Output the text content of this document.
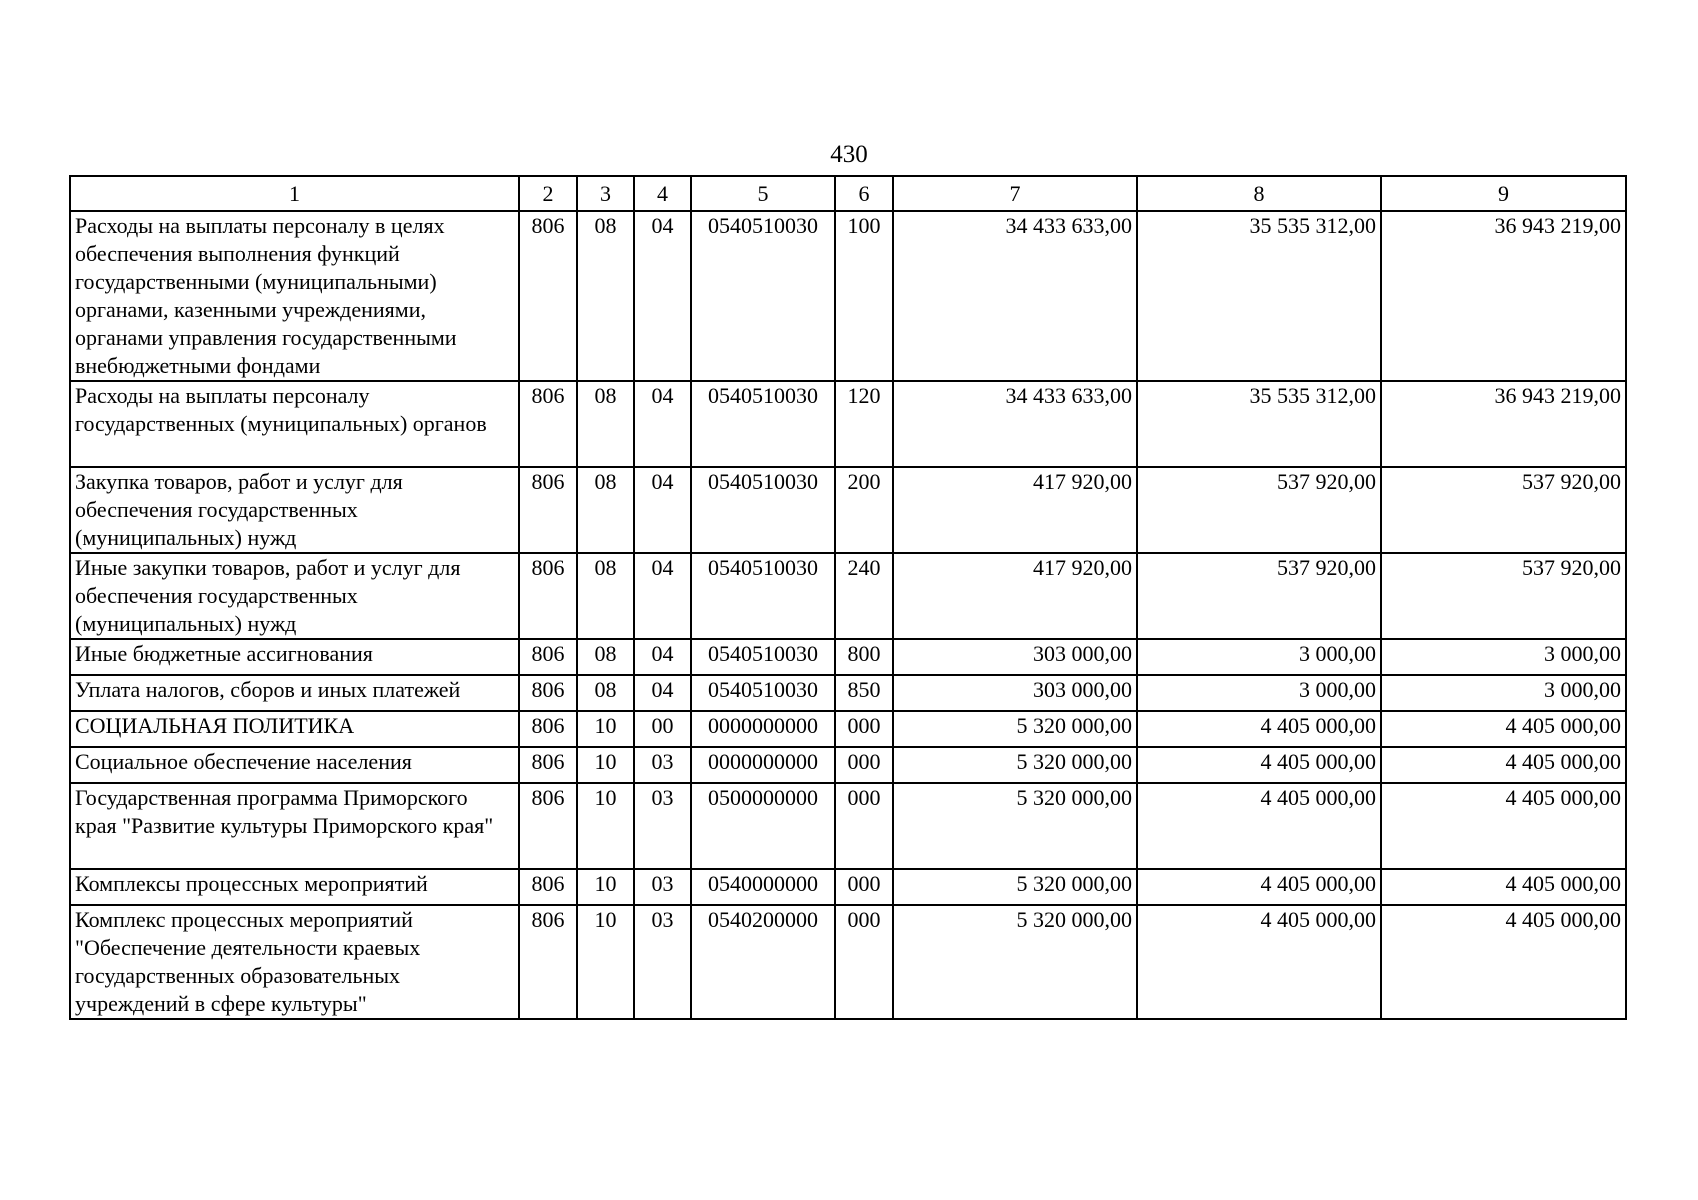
430
1	2	3	4	5	6	7	8	9
Расходы на выплаты персоналу в целях обеспечения выполнения функций государственными (муниципальными) органами, казенными учреждениями, органами управления государственными внебюджетными фондами	806	08	04	0540510030	100	34 433 633,00	35 535 312,00	36 943 219,00
Расходы на выплаты персоналу государственных (муниципальных) органов	806	08	04	0540510030	120	34 433 633,00	35 535 312,00	36 943 219,00
Закупка товаров, работ и услуг для обеспечения государственных (муниципальных) нужд	806	08	04	0540510030	200	417 920,00	537 920,00	537 920,00
Иные закупки товаров, работ и услуг для обеспечения государственных (муниципальных) нужд	806	08	04	0540510030	240	417 920,00	537 920,00	537 920,00
Иные бюджетные ассигнования	806	08	04	0540510030	800	303 000,00	3 000,00	3 000,00
Уплата налогов, сборов и иных платежей	806	08	04	0540510030	850	303 000,00	3 000,00	3 000,00
СОЦИАЛЬНАЯ ПОЛИТИКА	806	10	00	0000000000	000	5 320 000,00	4 405 000,00	4 405 000,00
Социальное обеспечение населения	806	10	03	0000000000	000	5 320 000,00	4 405 000,00	4 405 000,00
Государственная программа Приморского края "Развитие культуры Приморского края"	806	10	03	0500000000	000	5 320 000,00	4 405 000,00	4 405 000,00
Комплексы процессных мероприятий	806	10	03	0540000000	000	5 320 000,00	4 405 000,00	4 405 000,00
Комплекс процессных мероприятий "Обеспечение деятельности краевых государственных образовательных учреждений в сфере культуры"	806	10	03	0540200000	000	5 320 000,00	4 405 000,00	4 405 000,00
